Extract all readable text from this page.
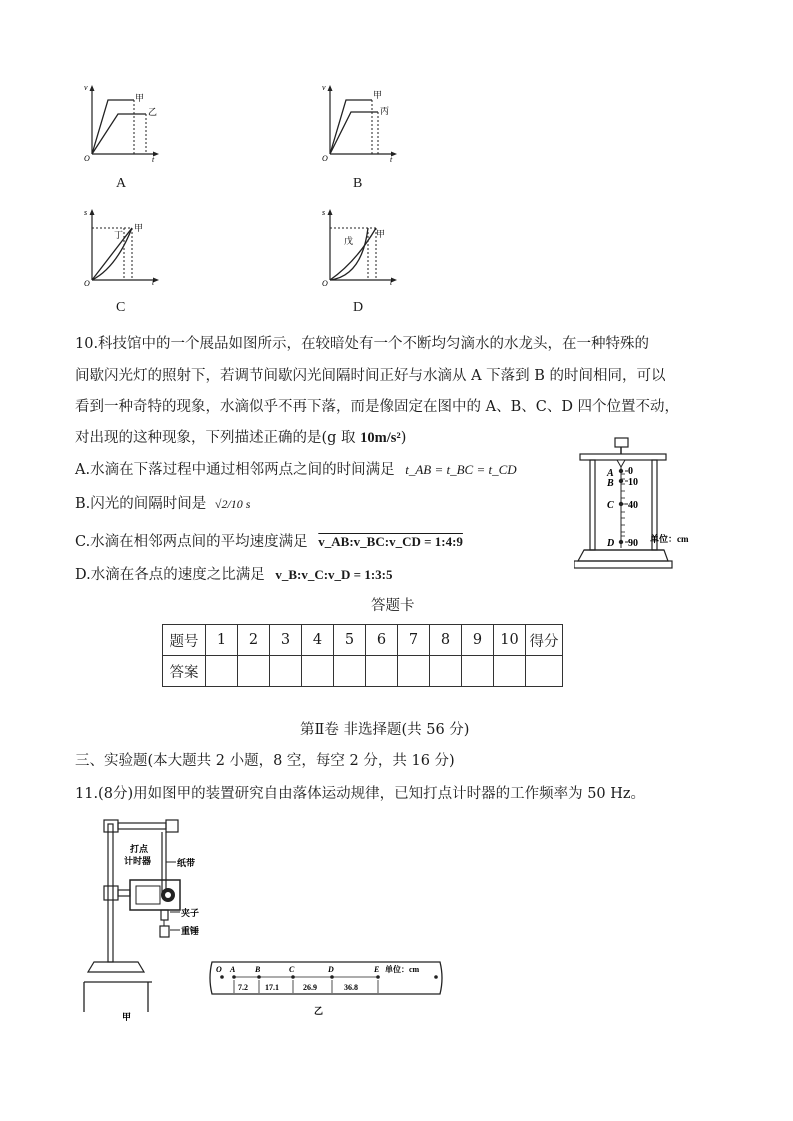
v
O	t
甲
乙
A
v
O	t
甲
丙
B
s
O	t
甲
丁
C
s
O	t
甲
戊
D
10.科技馆中的一个展品如图所示，在较暗处有一个不断均匀滴水的水龙头，在一种特殊的
间歇闪光灯的照射下，若调节间歇闪光间隔时间正好与水滴从 A 下落到 B 的时间相同，可以
看到一种奇特的现象，水滴似乎不再下落，而是像固定在图中的 A、B、C、D 四个位置不动，
对出现的这种现象，下列描述正确的是(g 取 10m/s²)
A.水滴在下落过程中通过相邻两点之间的时间满足 t_AB = t_BC = t_CD
B.闪光的间隔时间是 √2/10 s
C.水滴在相邻两点间的平均速度满足 v_AB:v_BC:v_CD = 1:4:9
D.水滴在各点的速度之比满足 v_B:v_C:v_D = 1:3:5
A
B
C
D
0
10
40
90 单位：cm
答题卡
题号	1	2	3	4	5	6	7	8	9	10	得分
答案											
第Ⅱ卷 非选择题(共 56 分)
三、实验题(本大题共 2 小题，8 空，每空 2 分，共 16 分)
11.(8分)用如图甲的装置研究自由落体运动规律，已知打点计时器的工作频率为 50 Hz。
打点
计时器	纸带
夹子
重锤
甲
O A B	C	D	E 单位：cm
7.2 17.1	26.9	36.8
乙
